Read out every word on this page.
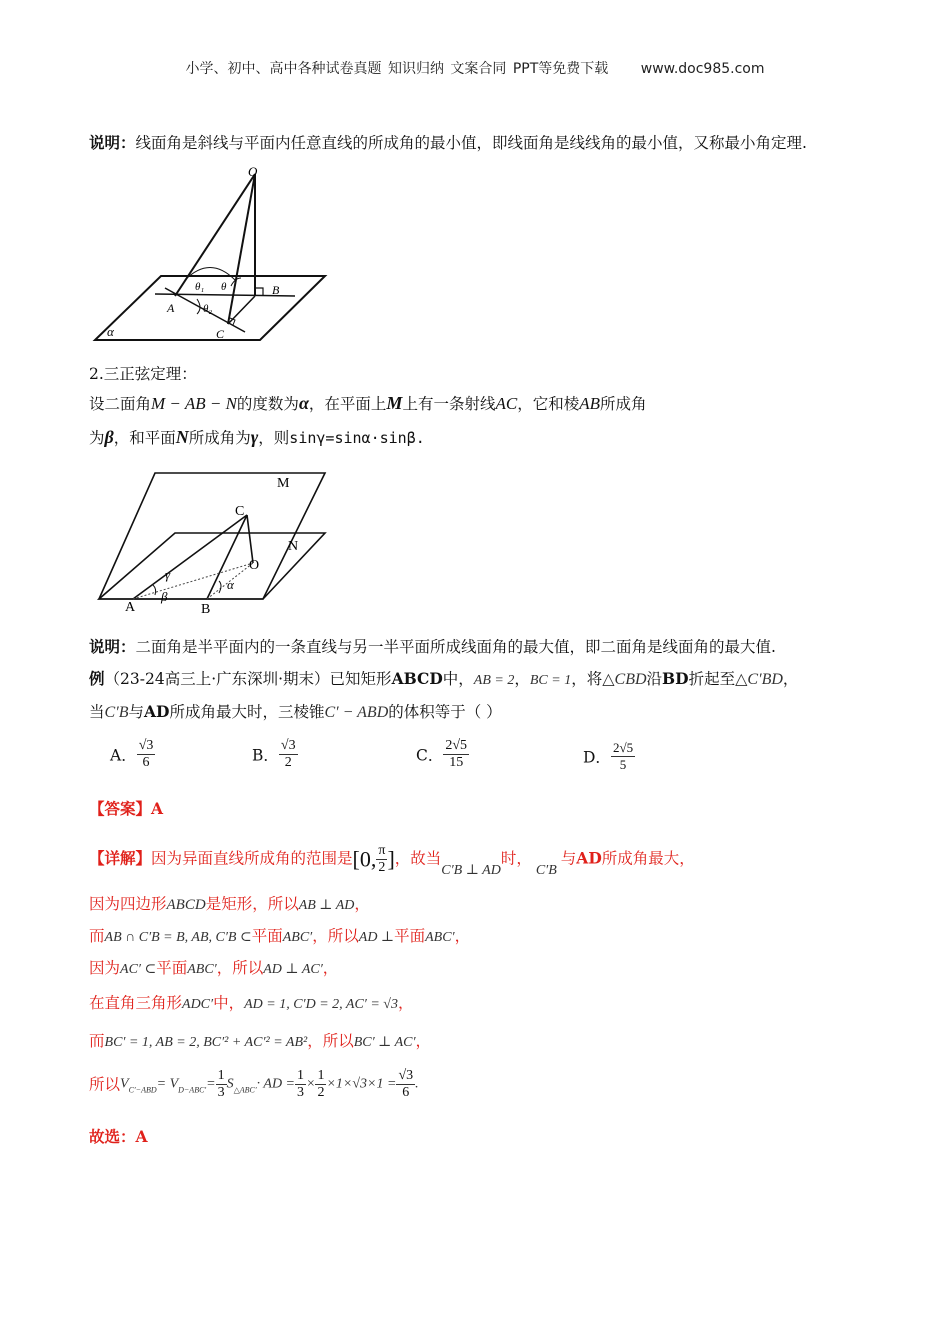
小学、初中、高中各种试卷真题 知识归纳 文案合同 PPT等免费下载 www.doc985.com
说明：线面角是斜线与平面内任意直线的所成角的最小值，即线面角是线线角的最小值，又称最小角定理.
O
A
B
C
α
θ₁
θ₂
θ
2.三正弦定理：
设二面角M − AB − N的度数为α，在平面上M上有一条射线AC，它和棱AB所成角
为β，和平面N所成角为γ，则sinγ=sinα·sinβ.
M
N
C
O
A	B
γ
β
α
说明：二面角是半平面内的一条直线与另一半平面所成线面角的最大值，即二面角是线面角的最大值.
例（23-24高三上·广东深圳·期末）已知矩形ABCD中，AB = 2，BC = 1，将△CBD沿BD折起至△C′BD，
当C′B与AD所成角最大时，三棱锥C′ − ABD的体积等于（ ）
A． $\frac{√3}{6}$	B． $\frac{√3}{2}$	C． $\frac{2√5}{15}$	D． $\frac{2√5}{5}$
【答案】A
【详解】因为异面直线所成角的范围是[0, $\frac{\pi}{2}$ ]，故当C′B ⊥ AD时，C′B与AD所成角最大，
因为四边形ABCD是矩形，所以AB ⊥ AD，
而AB ∩ C′B = B, AB, C′B ⊂平面ABC′，所以AD ⊥平面ABC′，
因为AC′ ⊂平面ABC′，所以AD ⊥ AC′，
在直角三角形ADC′中，AD = 1, C′D = 2, AC′ = √3，
而BC′ = 1, AB = 2, BC′² + AC′² = AB²，所以BC′ ⊥ AC′，
所以$V_{C'-ABD}= V_{D-ABC'}= \frac{1}{3} S_{\triangle ABC'}\cdot$ AD = $\frac{1}{3} \times \frac{1}{2} \times 1\times√3\times 1 = \frac{√3}{6}$ .
故选：A
